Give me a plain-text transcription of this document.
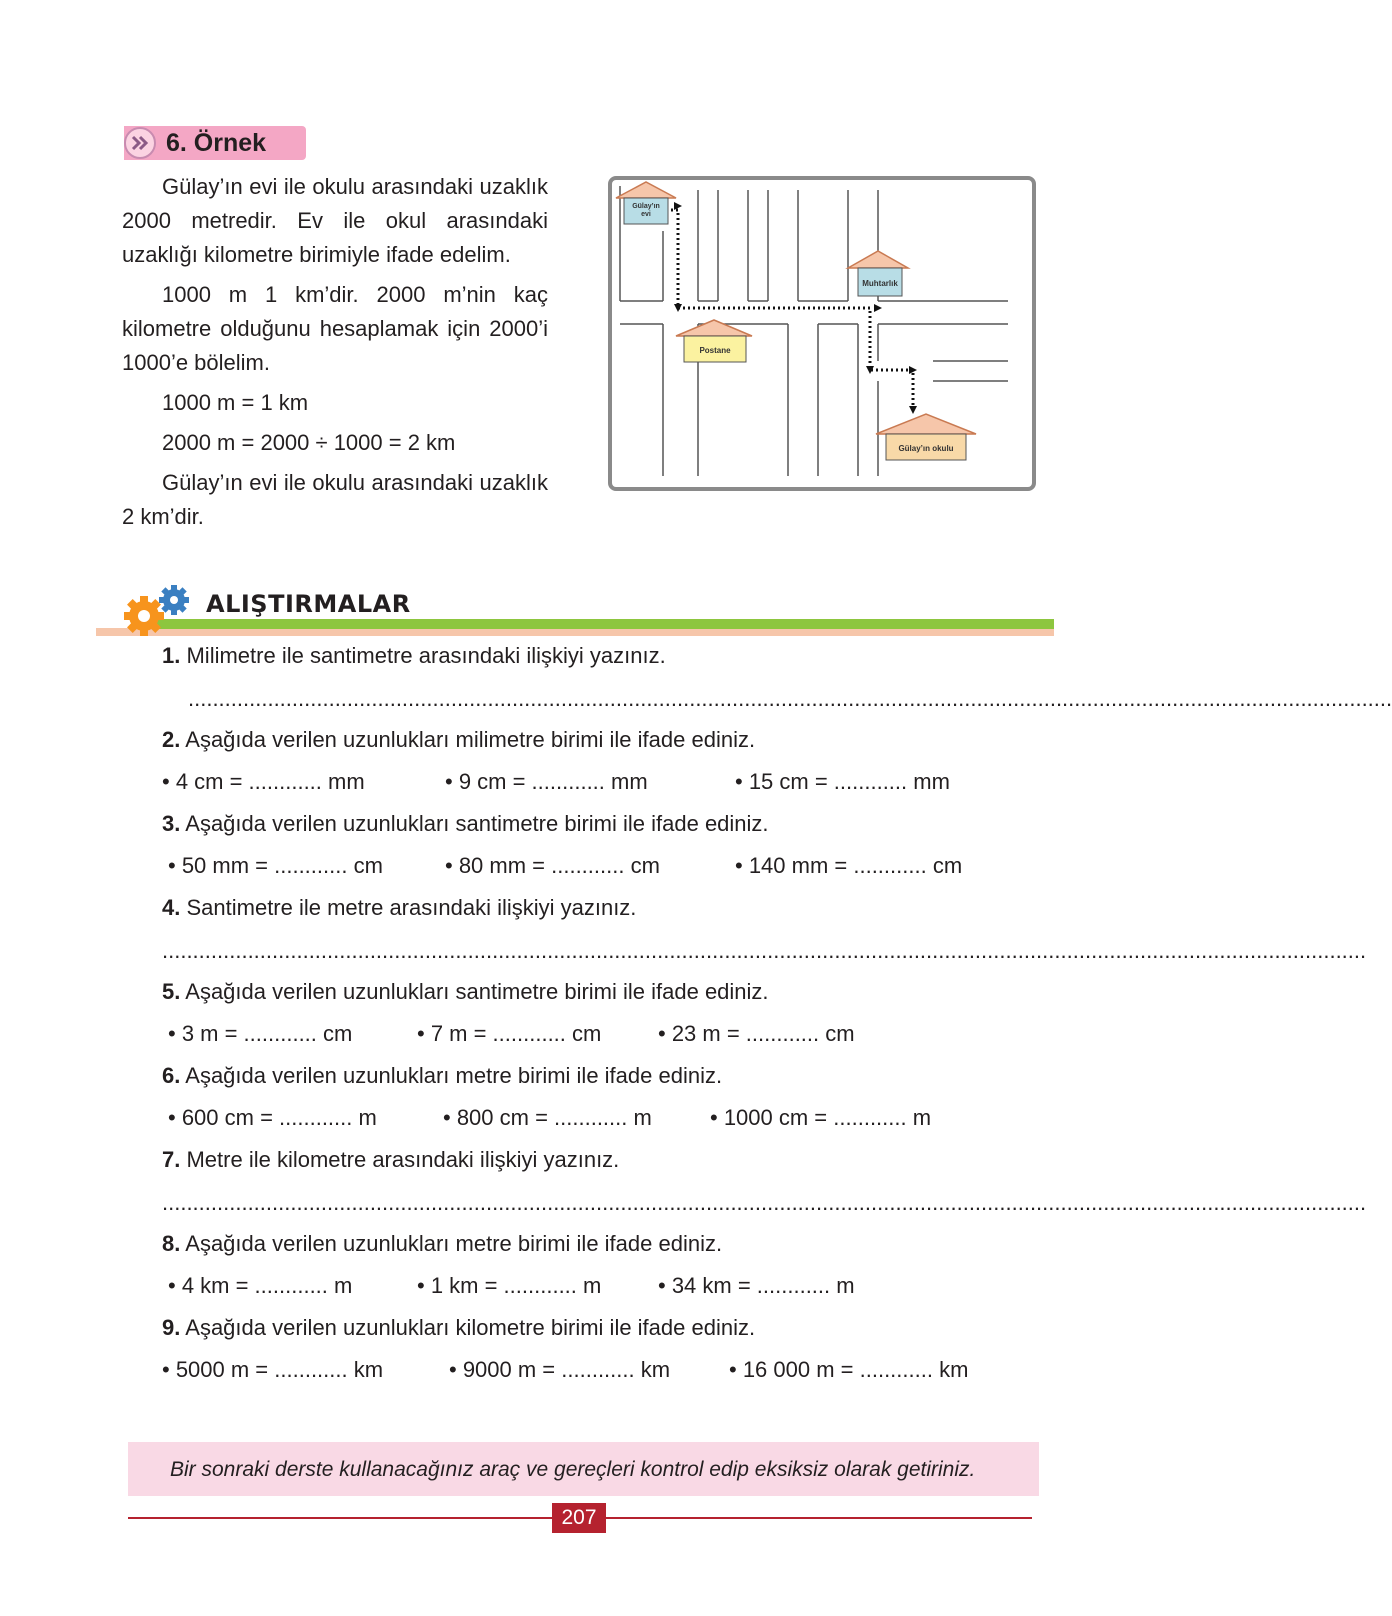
6. Örnek

Gülay’ın evi ile okulu arasındaki uzaklık 2000 metredir. Ev ile okul arasındaki uzaklığı kilometre birimiyle ifade edelim.

1000 m 1 km’dir. 2000 m’nin kaç kilometre olduğunu hesaplamak için 2000’i 1000’e bölelim.

1000 m = 1 km
2000 m = 2000 ÷ 1000 = 2 km

Gülay’ın evi ile okulu arasındaki uzaklık 2 km’dir.

Gülay’ın
evi
Muhtarlık
Postane
Gülay’ın okulu
ALIŞTIRMALAR
1. Milimetre ile santimetre arasındaki ilişkiyi yazınız.
.....................................................................................................................................................................................................
2. Aşağıda verilen uzunlukları milimetre birimi ile ifade ediniz.
• 4 cm = ............ mm	• 9 cm = ............ mm	• 15 cm = ............ mm
3. Aşağıda verilen uzunlukları santimetre birimi ile ifade ediniz.
• 50 mm = ............ cm	• 80 mm = ............ cm	• 140 mm = ............ cm
4. Santimetre ile metre arasındaki ilişkiyi yazınız.
.....................................................................................................................................................................................................
5. Aşağıda verilen uzunlukları santimetre birimi ile ifade ediniz.
• 3 m = ............ cm	• 7 m = ............ cm	• 23 m = ............ cm
6. Aşağıda verilen uzunlukları metre birimi ile ifade ediniz.
• 600 cm = ............ m	• 800 cm = ............ m	• 1000 cm = ............ m
7. Metre ile kilometre arasındaki ilişkiyi yazınız.
.....................................................................................................................................................................................................
8. Aşağıda verilen uzunlukları metre birimi ile ifade ediniz.
• 4 km = ............ m	• 1 km = ............ m	• 34 km = ............ m
9. Aşağıda verilen uzunlukları kilometre birimi ile ifade ediniz.
• 5000 m = ............ km	• 9000 m = ............ km	• 16 000 m = ............ km
Bir sonraki derste kullanacağınız araç ve gereçleri kontrol edip eksiksiz olarak getiriniz.
207
